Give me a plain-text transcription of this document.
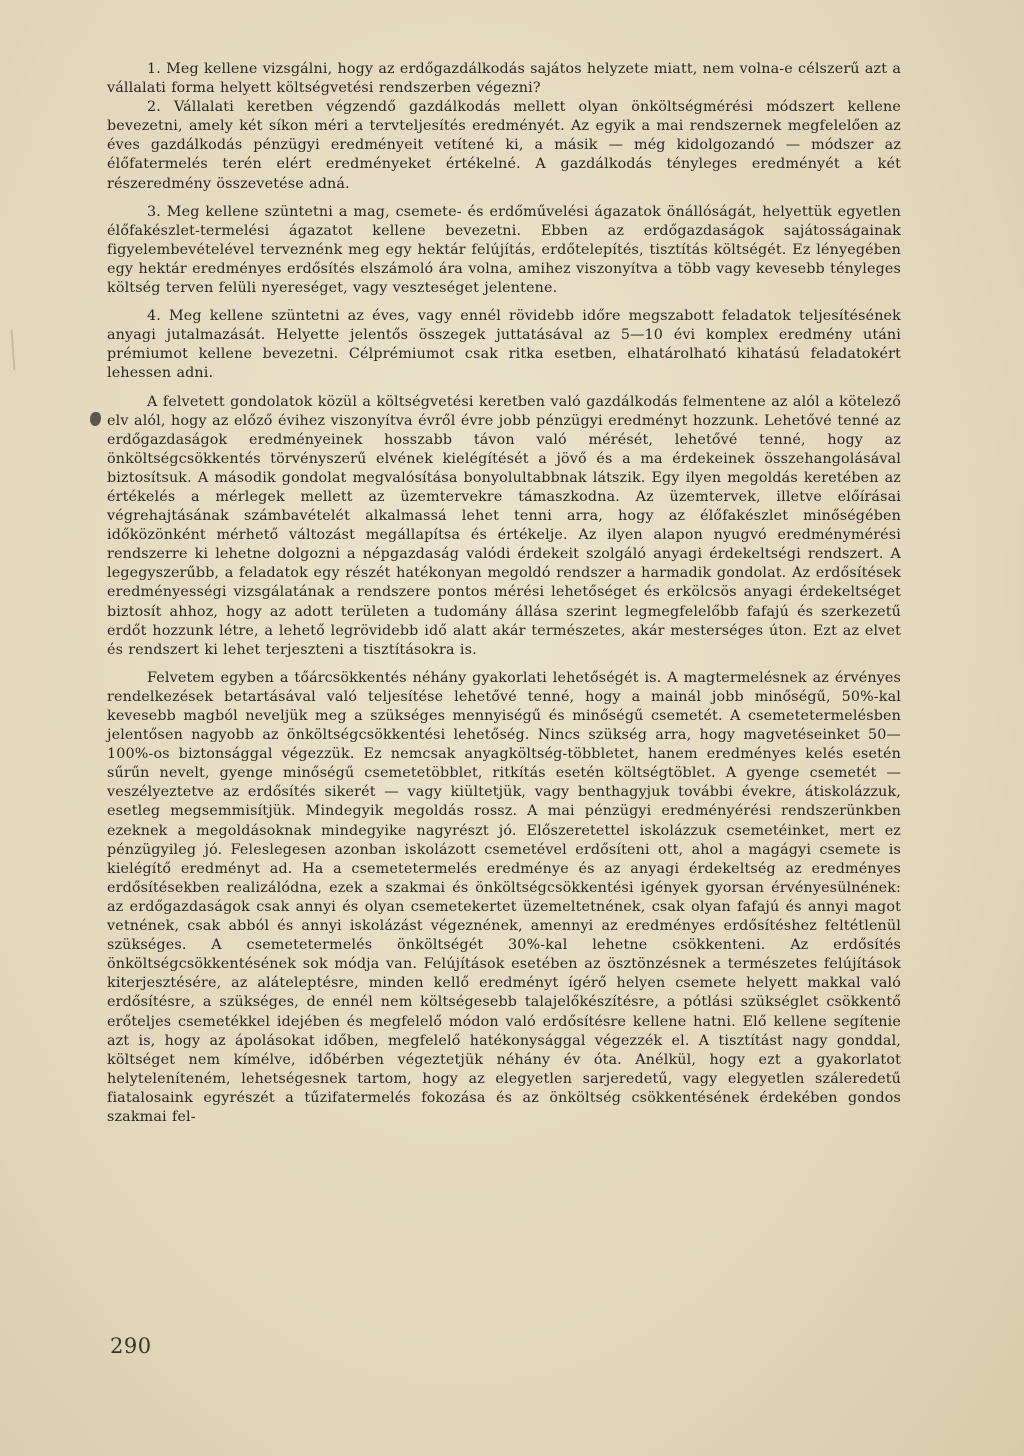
1. Meg kellene vizsgálni, hogy az erdőgazdálkodás sajátos helyzete miatt, nem volna-e célszerű azt a vállalati forma helyett költségvetési rendszerben végezni?

2. Vállalati keretben végzendő gazdálkodás mellett olyan önköltségmérési módszert kellene bevezetni, amely két síkon méri a tervteljesítés eredményét. Az egyik a mai rendszernek megfelelően az éves gazdálkodás pénzügyi eredményeit vetítené ki, a másik — még kidolgozandó — módszer az élőfatermelés terén elért eredményeket értékelné. A gazdálkodás tényleges eredményét a két részeredmény összevetése adná.

3. Meg kellene szüntetni a mag, csemete- és erdőművelési ágazatok önállóságát, helyettük egyetlen élőfakészlet-termelési ágazatot kellene bevezetni. Ebben az erdőgazdaságok sajátosságainak figyelembevételével terveznénk meg egy hektár felújítás, erdőtelepítés, tisztítás költségét. Ez lényegében egy hektár eredményes erdősítés elszámoló ára volna, amihez viszonyítva a több vagy kevesebb tényleges költség terven felüli nyereséget, vagy veszteséget jelentene.

4. Meg kellene szüntetni az éves, vagy ennél rövidebb időre megszabott feladatok teljesítésének anyagi jutalmazását. Helyette jelentős összegek juttatásával az 5—10 évi komplex eredmény utáni prémiumot kellene bevezetni. Célprémiumot csak ritka esetben, elhatárolható kihatású feladatokért lehessen adni.

A felvetett gondolatok közül a költségvetési keretben való gazdálkodás felmentene az alól a kötelező elv alól, hogy az előző évihez viszonyítva évről évre jobb pénzügyi eredményt hozzunk. Lehetővé tenné az erdőgazdaságok eredményeinek hosszabb távon való mérését, lehetővé tenné, hogy az önköltségcsökkentés törvényszerű elvének kielégítését a jövő és a ma érdekeinek összehangolásával biztosítsuk. A második gondolat megvalósítása bonyolultabbnak látszik. Egy ilyen megoldás keretében az értékelés a mérlegek mellett az üzemtervekre támaszkodna. Az üzemtervek, illetve előírásai végrehajtásának számbavételét alkalmassá lehet tenni arra, hogy az élőfakészlet minőségében időközönként mérhető változást megállapítsa és értékelje. Az ilyen alapon nyugvó eredménymérési rendszerre ki lehetne dolgozni a népgazdaság valódi érdekeit szolgáló anyagi érdekeltségi rendszert. A legegyszerűbb, a feladatok egy részét hatékonyan megoldó rendszer a harmadik gondolat. Az erdősítések eredményességi vizsgálatának a rendszere pontos mérési lehetőséget és erkölcsös anyagi érdekeltséget biztosít ahhoz, hogy az adott területen a tudomány állása szerint legmegfelelőbb fafajú és szerkezetű erdőt hozzunk létre, a lehető legrövidebb idő alatt akár természetes, akár mesterséges úton. Ezt az elvet és rendszert ki lehet terjeszteni a tisztításokra is.

Felvetem egyben a tőárcsökkentés néhány gyakorlati lehetőségét is. A magtermelésnek az érvényes rendelkezések betartásával való teljesítése lehetővé tenné, hogy a mainál jobb minőségű, 50%-kal kevesebb magból neveljük meg a szükséges mennyiségű és minőségű csemetét. A csemetetermelésben jelentősen nagyobb az önköltségcsökkentési lehetőség. Nincs szükség arra, hogy magvetéseinket 50—100%-os biztonsággal végezzük. Ez nemcsak anyagköltség-többletet, hanem eredményes kelés esetén sűrűn nevelt, gyenge minőségű csemetetöbblet, ritkítás esetén költségtöblet. A gyenge csemetét — veszélyeztetve az erdősítés sikerét — vagy kiültetjük, vagy benthagyjuk további évekre, átiskolázzuk, esetleg megsemmisítjük. Mindegyik megoldás rossz. A mai pénzügyi eredményérési rendszerünkben ezeknek a megoldásoknak mindegyike nagyrészt jó. Előszeretettel iskolázzuk csemetéinket, mert ez pénzügyileg jó. Feleslegesen azonban iskolázott csemetével erdősíteni ott, ahol a magágyi csemete is kielégítő eredményt ad. Ha a csemetetermelés eredménye és az anyagi érdekeltség az eredményes erdősítésekben realizálódna, ezek a szakmai és önköltségcsökkentési igények gyorsan érvényesülnének: az erdőgazdaságok csak annyi és olyan csemetekertet üzemeltetnének, csak olyan fafajú és annyi magot vetnének, csak abból és annyi iskolázást végeznének, amennyi az eredményes erdősítéshez feltétlenül szükséges. A csemetetermelés önköltségét 30%-kal lehetne csökkenteni. Az erdősítés önköltségcsökkentésének sok módja van. Felújítások esetében az ösztönzésnek a természetes felújítások kiterjesztésére, az aláteleptésre, minden kellő eredményt ígérő helyen csemete helyett makkal való erdősítésre, a szükséges, de ennél nem költségesebb talajelőkészítésre, a pótlási szükséglet csökkentő erőteljes csemetékkel idejében és megfelelő módon való erdősítésre kellene hatni. Elő kellene segítenie azt is, hogy az ápolásokat időben, megfelelő hatékonysággal végezzék el. A tisztítást nagy gonddal, költséget nem kímélve, időbérben végeztetjük néhány év óta. Anélkül, hogy ezt a gyakorlatot helyteleníteném, lehetségesnek tartom, hogy az elegyetlen sarjeredetű, vagy elegyetlen száleredetű fiatalosaink egyrészét a tűzifatermelés fokozása és az önköltség csökkentésének érdekében gondos szakmai fel-

290
